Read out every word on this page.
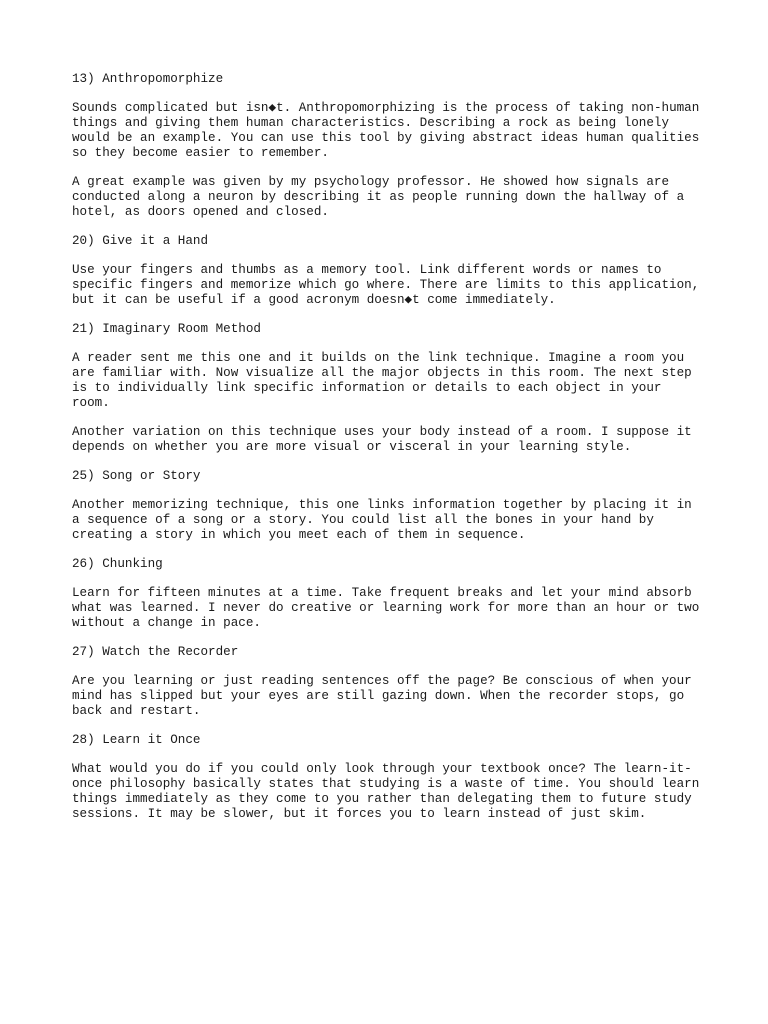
13) Anthropomorphize

Sounds complicated but isn◆t. Anthropomorphizing is the process of taking non-human
things and giving them human characteristics. Describing a rock as being lonely
would be an example. You can use this tool by giving abstract ideas human qualities
so they become easier to remember.

A great example was given by my psychology professor. He showed how signals are
conducted along a neuron by describing it as people running down the hallway of a
hotel, as doors opened and closed.

20) Give it a Hand

Use your fingers and thumbs as a memory tool. Link different words or names to
specific fingers and memorize which go where. There are limits to this application,
but it can be useful if a good acronym doesn◆t come immediately.

21) Imaginary Room Method

A reader sent me this one and it builds on the link technique. Imagine a room you
are familiar with. Now visualize all the major objects in this room. The next step
is to individually link specific information or details to each object in your
room.

Another variation on this technique uses your body instead of a room. I suppose it
depends on whether you are more visual or visceral in your learning style.

25) Song or Story

Another memorizing technique, this one links information together by placing it in
a sequence of a song or a story. You could list all the bones in your hand by
creating a story in which you meet each of them in sequence.

26) Chunking

Learn for fifteen minutes at a time. Take frequent breaks and let your mind absorb
what was learned. I never do creative or learning work for more than an hour or two
without a change in pace.

27) Watch the Recorder

Are you learning or just reading sentences off the page? Be conscious of when your
mind has slipped but your eyes are still gazing down. When the recorder stops, go
back and restart.

28) Learn it Once

What would you do if you could only look through your textbook once? The learn-it-
once philosophy basically states that studying is a waste of time. You should learn
things immediately as they come to you rather than delegating them to future study
sessions. It may be slower, but it forces you to learn instead of just skim.
